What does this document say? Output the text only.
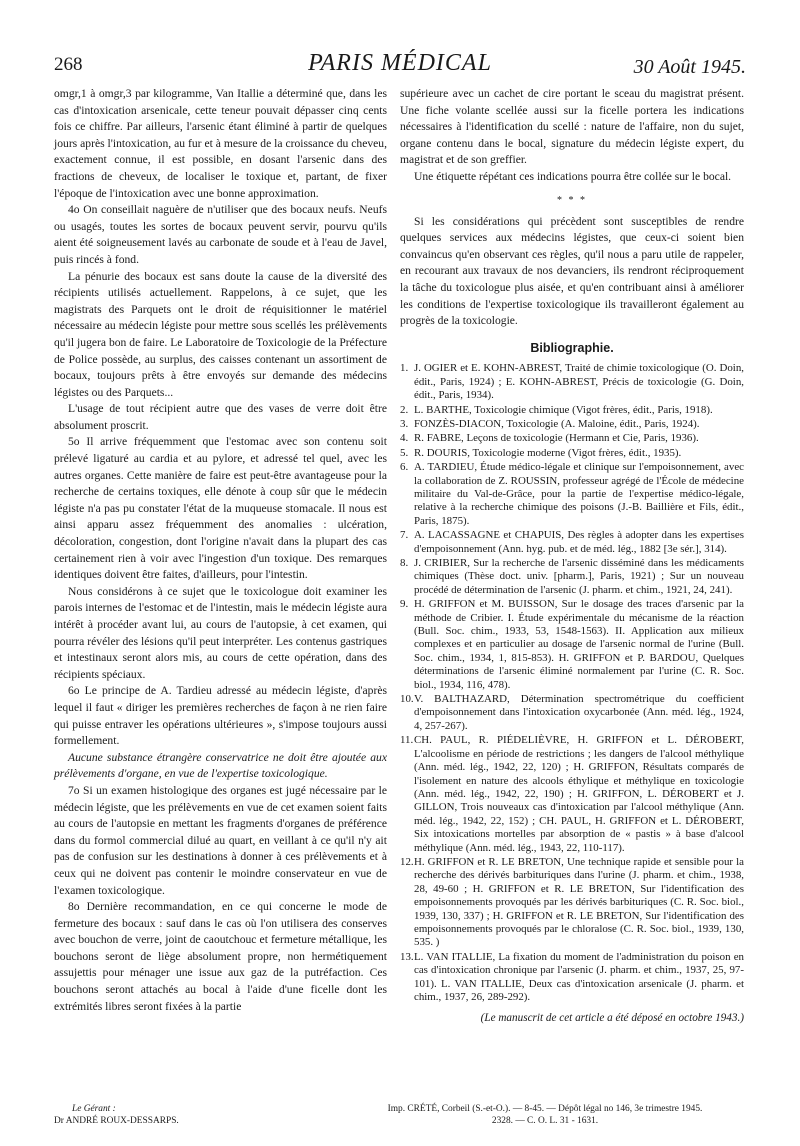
268	PARIS MÉDICAL	30 Août 1945.

omgr,1 à omgr,3 par kilogramme, Van Itallie a déterminé que, dans les cas d'intoxication arsenicale, cette teneur pouvait dépasser cinq cents fois ce chiffre. Par ailleurs, l'arsenic étant éliminé à partir de quelques jours après l'intoxication, au fur et à mesure de la croissance du cheveu, exactement connue, il est possible, en dosant l'arsenic dans des fractions de cheveux, de localiser le toxique et, partant, de fixer l'époque de l'intoxication avec une bonne approximation.

4o On conseillait naguère de n'utiliser que des bocaux neufs. Neufs ou usagés, toutes les sortes de bocaux peuvent servir, pourvu qu'ils aient été soigneusement lavés au carbonate de soude et à l'eau de Javel, puis rincés à fond.

La pénurie des bocaux est sans doute la cause de la diversité des récipients utilisés actuellement. Rappelons, à ce sujet, que les magistrats des Parquets ont le droit de réquisitionner le matériel nécessaire au médecin légiste pour mettre sous scellés les prélèvements qu'il jugera bon de faire. Le Laboratoire de Toxicologie de la Préfecture de Police possède, au surplus, des caisses contenant un assortiment de bocaux, toujours prêts à être envoyés sur demande des médecins légistes ou des Parquets...

L'usage de tout récipient autre que des vases de verre doit être absolument proscrit.

5o Il arrive fréquemment que l'estomac avec son contenu soit prélevé ligaturé au cardia et au pylore, et adressé tel quel, avec les autres organes. Cette manière de faire est peut-être avantageuse pour la recherche de certains toxiques, elle dénote à coup sûr que le médecin légiste n'a pas pu constater l'état de la muqueuse stomacale. Il nous est ainsi apparu assez fréquemment des anomalies : ulcération, décoloration, congestion, dont l'origine n'avait dans la plupart des cas certainement rien à voir avec l'ingestion d'un toxique. Des remarques identiques doivent être faites, d'ailleurs, pour l'intestin.

Nous considérons à ce sujet que le toxicologue doit examiner les parois internes de l'estomac et de l'intestin, mais le médecin légiste aura intérêt à procéder avant lui, au cours de l'autopsie, à cet examen, qui pourra révéler des lésions qu'il peut interpréter. Les contenus gastriques et intestinaux seront alors mis, au cours de cette opération, dans des récipients spéciaux.

6o Le principe de A. Tardieu adressé au médecin légiste, d'après lequel il faut « diriger les premières recherches de façon à ne rien faire qui puisse entraver les opérations ultérieures », s'impose toujours aussi formellement.

Aucune substance étrangère conservatrice ne doit être ajoutée aux prélèvements d'organe, en vue de l'expertise toxicologique.

7o Si un examen histologique des organes est jugé nécessaire par le médecin légiste, que les prélèvements en vue de cet examen soient faits au cours de l'autopsie en mettant les fragments d'organes de préférence dans du formol commercial dilué au quart, en veillant à ce qu'il n'y ait pas de confusion sur les destinations à donner à ces prélèvements et à ceux qui ne doivent pas contenir le moindre conservateur en vue de l'examen toxicologique.

8o Dernière recommandation, en ce qui concerne le mode de fermeture des bocaux : sauf dans le cas où l'on utilisera des conserves avec bouchon de verre, joint de caoutchouc et fermeture métallique, les bouchons seront de liège absolument propre, non hermétiquement assujettis pour ménager une issue aux gaz de la putréfaction. Ces bouchons seront attachés au bocal à l'aide d'une ficelle dont les extrémités libres seront fixées à la partie

supérieure avec un cachet de cire portant le sceau du magistrat présent. Une fiche volante scellée aussi sur la ficelle portera les indications nécessaires à l'identification du scellé : nature de l'affaire, non du sujet, organe contenu dans le bocal, signature du médecin légiste expert, du magistrat et de son greffier.

Une étiquette répétant ces indications pourra être collée sur le bocal.

* * *

Si les considérations qui précèdent sont susceptibles de rendre quelques services aux médecins légistes, que ceux-ci soient bien convaincus qu'en observant ces règles, qu'il nous a paru utile de rappeler, en recourant aux travaux de nos devanciers, ils rendront réciproquement la tâche du toxicologue plus aisée, et qu'en contribuant ainsi à améliorer les conditions de l'expertise toxicologique ils travailleront également au progrès de la toxicologie.

Bibliographie.
1. J. OGIER et E. KOHN-ABREST, Traité de chimie toxicologique (O. Doin, édit., Paris, 1924) ; E. KOHN-ABREST, Précis de toxicologie (G. Doin, édit., Paris, 1934).
2. L. BARTHE, Toxicologie chimique (Vigot frères, édit., Paris, 1918).
3. FONZÈS-DIACON, Toxicologie (A. Maloine, édit., Paris, 1924).
4. R. FABRE, Leçons de toxicologie (Hermann et Cie, Paris, 1936).
5. R. DOURIS, Toxicologie moderne (Vigot frères, édit., 1935).
6. A. TARDIEU, Étude médico-légale et clinique sur l'empoisonnement, avec la collaboration de Z. ROUSSIN, professeur agrégé de l'École de médecine militaire du Val-de-Grâce, pour la partie de l'expertise médico-légale, relative à la recherche chimique des poisons (J.-B. Baillière et Fils, édit., Paris, 1875).
7. A. LACASSAGNE et CHAPUIS, Des règles à adopter dans les expertises d'empoisonnement (Ann. hyg. pub. et de méd. lég., 1882 [3e sér.], 314).
8. J. CRIBIER, Sur la recherche de l'arsenic disséminé dans les médicaments chimiques (Thèse doct. univ. [pharm.], Paris, 1921) ; Sur un nouveau procédé de détermination de l'arsenic (J. pharm. et chim., 1921, 24, 241).
9. H. GRIFFON et M. BUISSON, Sur le dosage des traces d'arsenic par la méthode de Cribier. I. Étude expérimentale du mécanisme de la réaction (Bull. Soc. chim., 1933, 53, 1548-1563). II. Application aux milieux complexes et en particulier au dosage de l'arsenic normal de l'urine (Bull. Soc. chim., 1934, 1, 815-853). H. GRIFFON et P. BARDOU, Quelques déterminations de l'arsenic éliminé normalement par l'urine (C. R. Soc. biol., 1934, 116, 478).
10.V. BALTHAZARD, Détermination spectrométrique du coefficient d'empoisonnement dans l'intoxication oxycarbonée (Ann. méd. lég., 1924, 4, 257-267).
11.CH. PAUL, R. PIÉDELIÈVRE, H. GRIFFON et L. DÉROBERT, L'alcoolisme en période de restrictions ; les dangers de l'alcool méthylique (Ann. méd. lég., 1942, 22, 120) ; H. GRIFFON, Résultats comparés de l'isolement en nature des alcools éthylique et méthylique en toxicologie (Ann. méd. lég., 1942, 22, 190) ; H. GRIFFON, L. DÉROBERT et J. GILLON, Trois nouveaux cas d'intoxication par l'alcool méthylique (Ann. méd. lég., 1942, 22, 152) ; CH. PAUL, H. GRIFFON et L. DÉROBERT, Six intoxications mortelles par absorption de « pastis » à base d'alcool méthylique (Ann. méd. lég., 1943, 22, 110-117).
12.H. GRIFFON et R. LE BRETON, Une technique rapide et sensible pour la recherche des dérivés barbituriques dans l'urine (J. pharm. et chim., 1938, 28, 49-60 ; H. GRIFFON et R. LE BRETON, Sur l'identification des empoisonnements provoqués par les dérivés barbituriques (C. R. Soc. biol., 1939, 130, 337) ; H. GRIFFON et R. LE BRETON, Sur l'identification des empoisonnements provoqués par le chloralose (C. R. Soc. biol., 1939, 130, 535. )
13.L. VAN ITALLIE, La fixation du moment de l'administration du poison en cas d'intoxication chronique par l'arsenic (J. pharm. et chim., 1937, 25, 97-101). L. VAN ITALLIE, Deux cas d'intoxication arsenicale (J. pharm. et chim., 1937, 26, 289-292).
(Le manuscrit de cet article a été déposé en octobre 1943.)
Le Gérant :
Dr ANDRÉ ROUX-DESSARPS.
Imp. CRÉTÉ, Corbeil (S.-et-O.). — 8-45. — Dépôt légal no 146, 3e trimestre 1945.
2328. — C. O. L. 31 - 1631.
